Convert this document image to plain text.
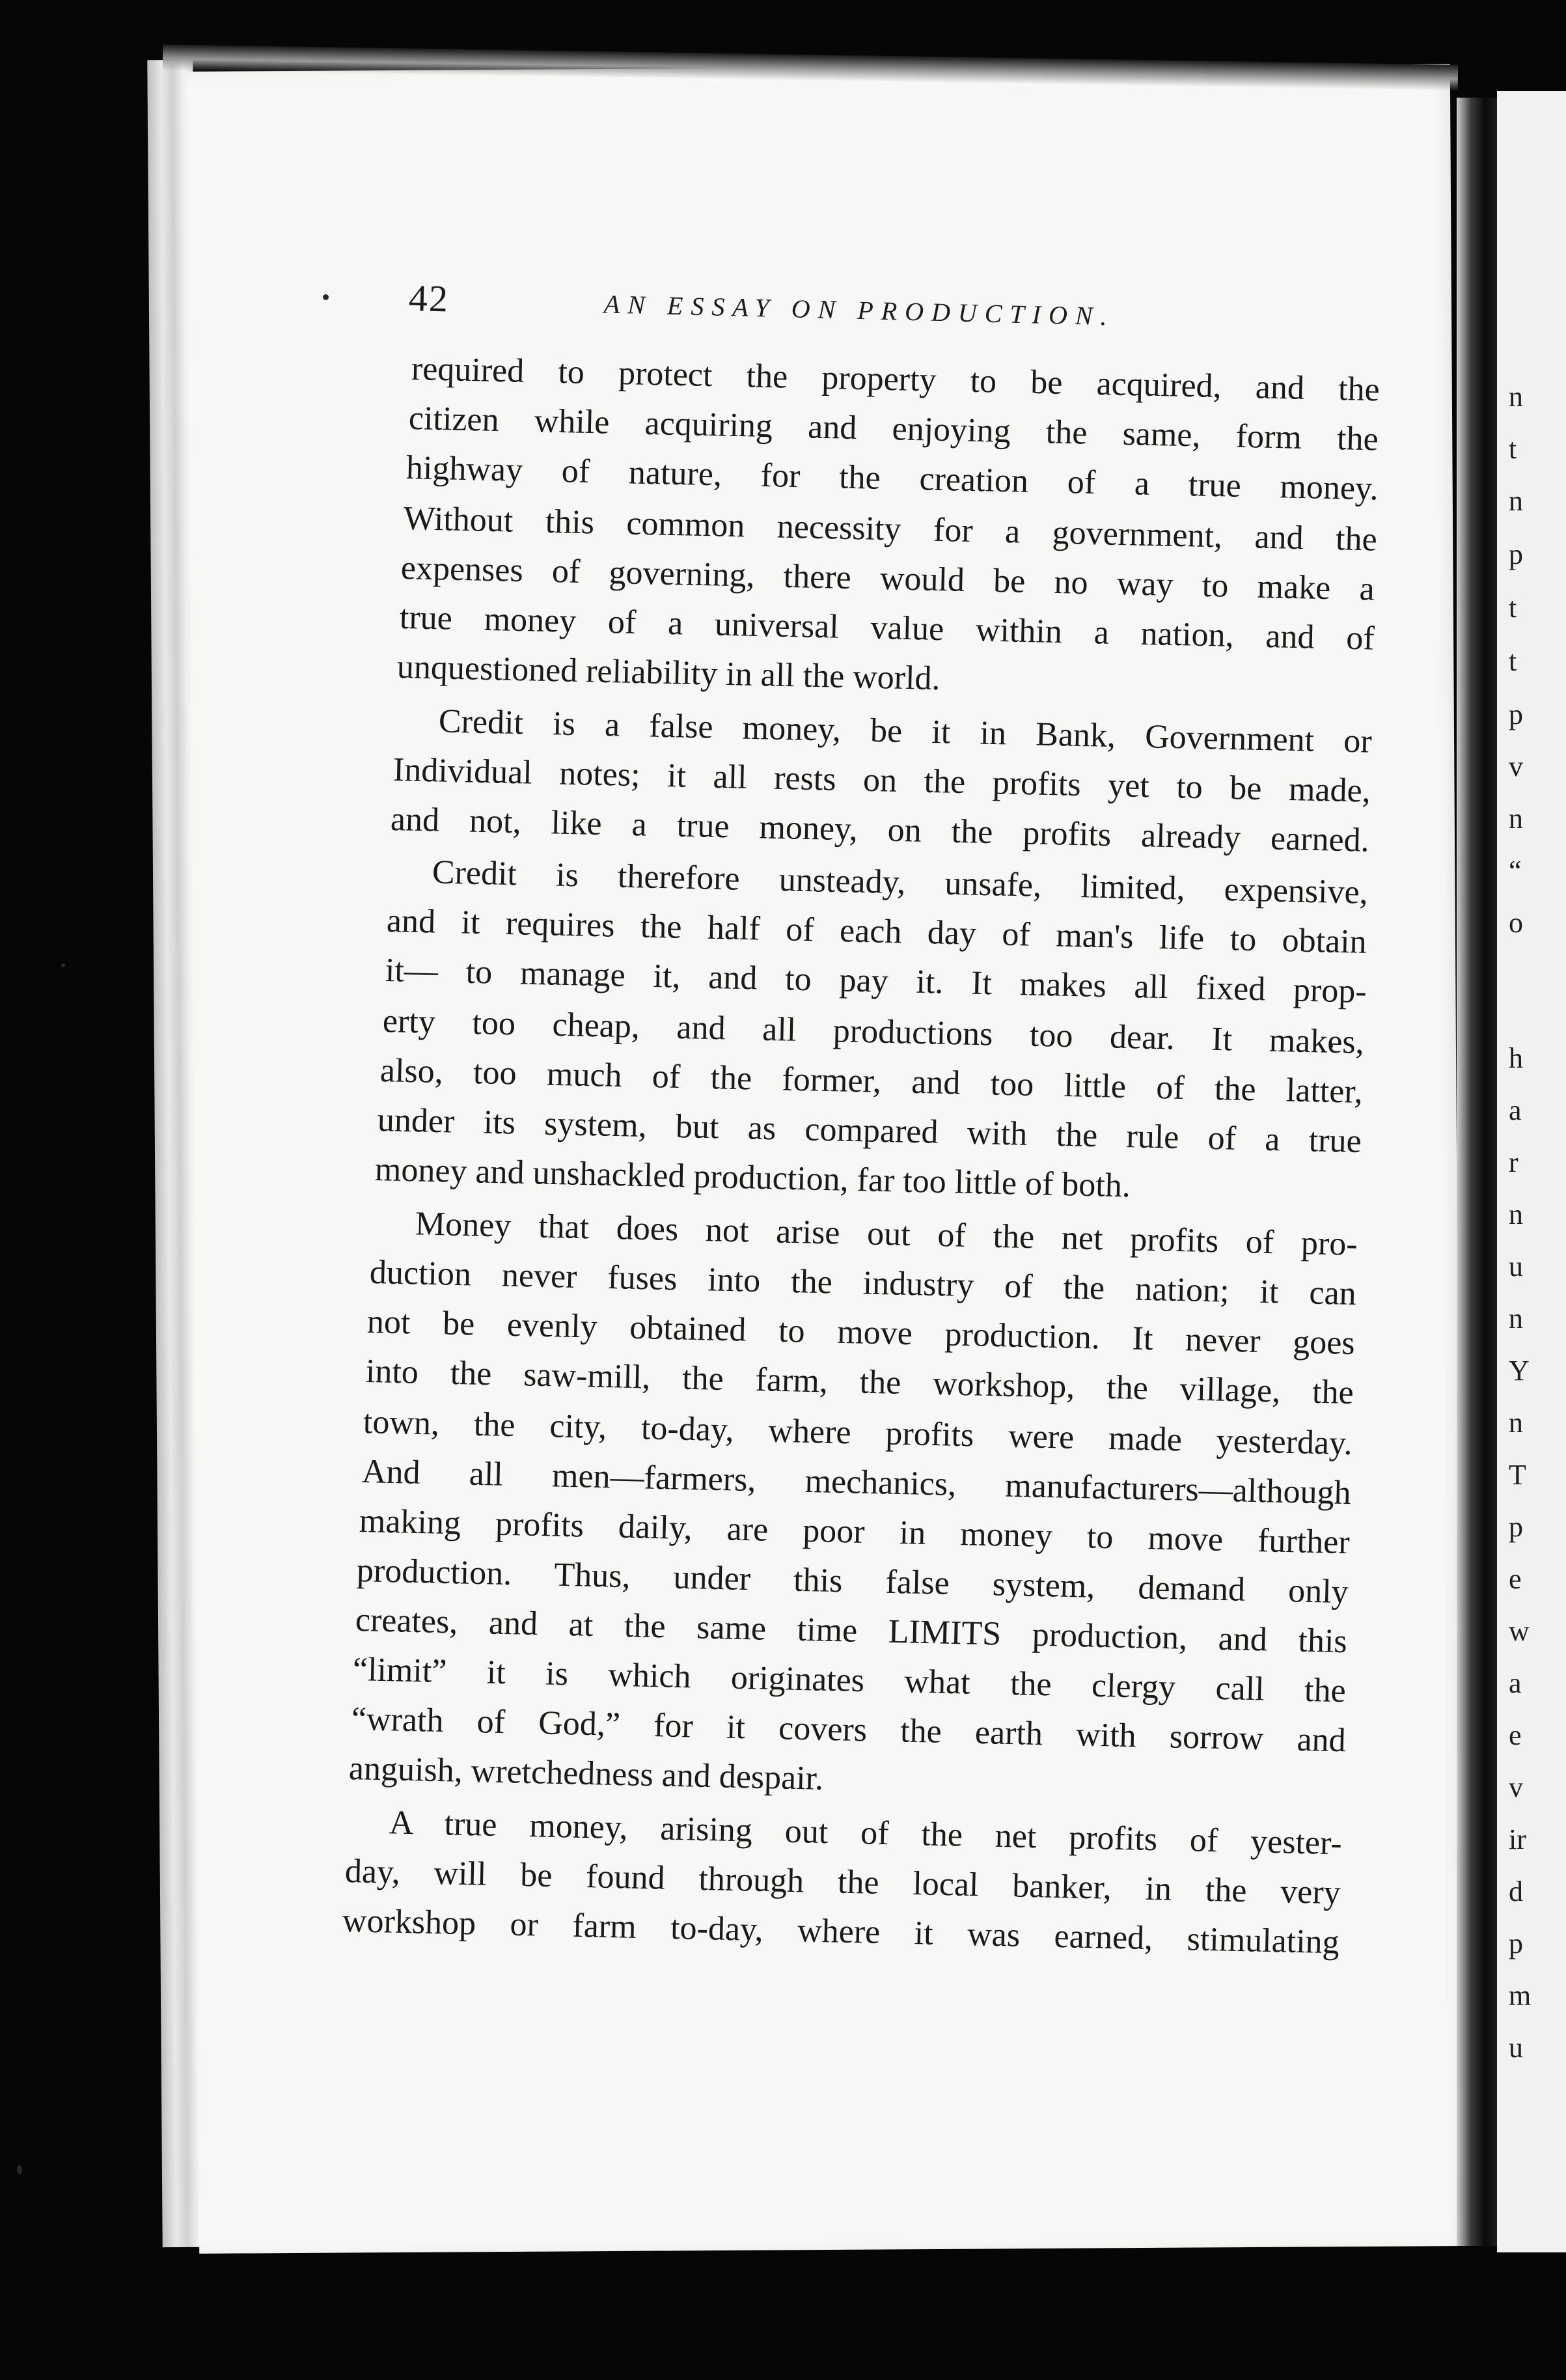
n
t
n
p
t
t
p
v
n
“
o
h
a
r
n
u
n
Y
n
T
p
e
w
a
e
v
ir
d
p
m
u
42	AN ESSAY ON PRODUCTION.
required to protect the property to be acquired, and the
citizen while acquiring and enjoying the same, form the
highway of nature, for the creation of a true money.
Without this common necessity for a government, and the
expenses of governing, there would be no way to make a
true money of a universal value within a nation, and of
unquestioned reliability in all the world.
Credit is a false money, be it in Bank, Government or
Individual notes; it all rests on the profits yet to be made,
and not, like a true money, on the profits already earned.
Credit is therefore unsteady, unsafe, limited, expensive,
and it requires the half of each day of man's life to obtain
it— to manage it, and to pay it. It makes all fixed prop-
erty too cheap, and all productions too dear. It makes,
also, too much of the former, and too little of the latter,
under its system, but as compared with the rule of a true
money and unshackled production, far too little of both.
Money that does not arise out of the net profits of pro-
duction never fuses into the industry of the nation; it can
not be evenly obtained to move production. It never goes
into the saw-mill, the farm, the workshop, the village, the
town, the city, to-day, where profits were made yesterday.
And all men—farmers, mechanics, manufacturers—although
making profits daily, are poor in money to move further
production. Thus, under this false system, demand only
creates, and at the same time LIMITS production, and this
“limit” it is which originates what the clergy call the
“wrath of God,” for it covers the earth with sorrow and
anguish, wretchedness and despair.
A true money, arising out of the net profits of yester-
day, will be found through the local banker, in the very
workshop or farm to-day, where it was earned, stimulating
